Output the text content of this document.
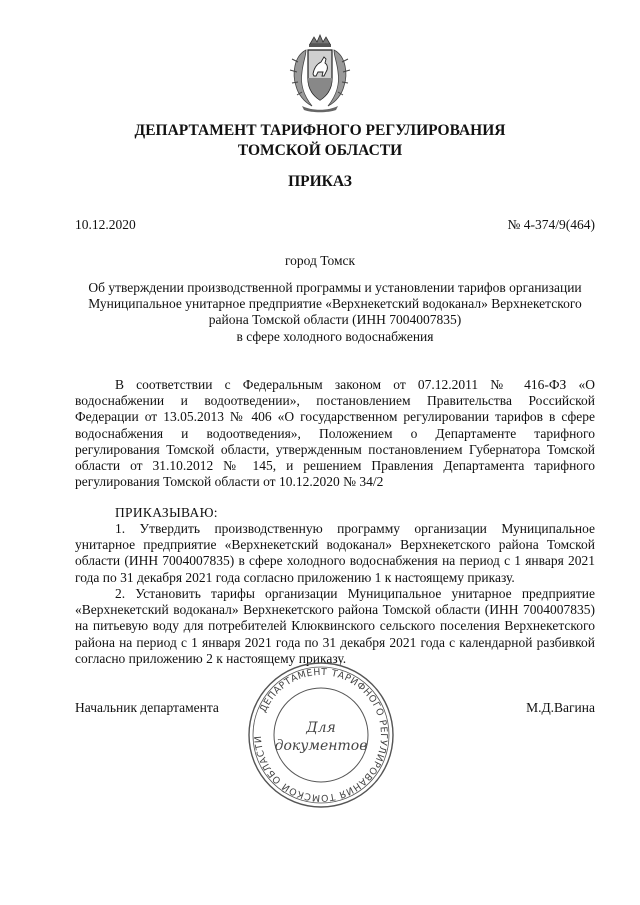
ДЕПАРТАМЕНТ ТАРИФНОГО РЕГУЛИРОВАНИЯ
ТОМСКОЙ ОБЛАСТИ
ПРИКАЗ
10.12.2020	№ 4-374/9(464)
город Томск
Об утверждении производственной программы и установлении тарифов организации
Муниципальное унитарное предприятие «Верхнекетский водоканал» Верхнекетского
района Томской области (ИНН 7004007835)
в сфере холодного водоснабжения
В соответствии с Федеральным законом от 07.12.2011 № 416-ФЗ «О водоснабжении и водоотведении», постановлением Правительства Российской Федерации от 13.05.2013 № 406 «О государственном регулировании тарифов в сфере водоснабжения и водоотведения», Положением о Департаменте тарифного регулирования Томской области, утвержденным постановлением Губернатора Томской области от 31.10.2012 № 145, и решением Правления Департамента тарифного регулирования Томской области от 10.12.2020 № 34/2
ПРИКАЗЫВАЮ:
1. Утвердить производственную программу организации Муниципальное унитарное предприятие «Верхнекетский водоканал» Верхнекетского района Томской области (ИНН 7004007835) в сфере холодного водоснабжения на период с 1 января 2021 года по 31 декабря 2021 года согласно приложению 1 к настоящему приказу.
2. Установить тарифы организации Муниципальное унитарное предприятие «Верхнекетский водоканал» Верхнекетского района Томской области (ИНН 7004007835) на питьевую воду для потребителей Клюквинского сельского поселения Верхнекетского района на период с 1 января 2021 года по 31 декабря 2021 года с календарной разбивкой согласно приложению 2 к настоящему приказу.
Начальник департамента	М.Д.Вагина
ДЕПАРТАМЕНТ ТАРИФНОГО РЕГУЛИРОВАНИЯ ТОМСКОЙ ОБЛАСТИ
Для
документов
